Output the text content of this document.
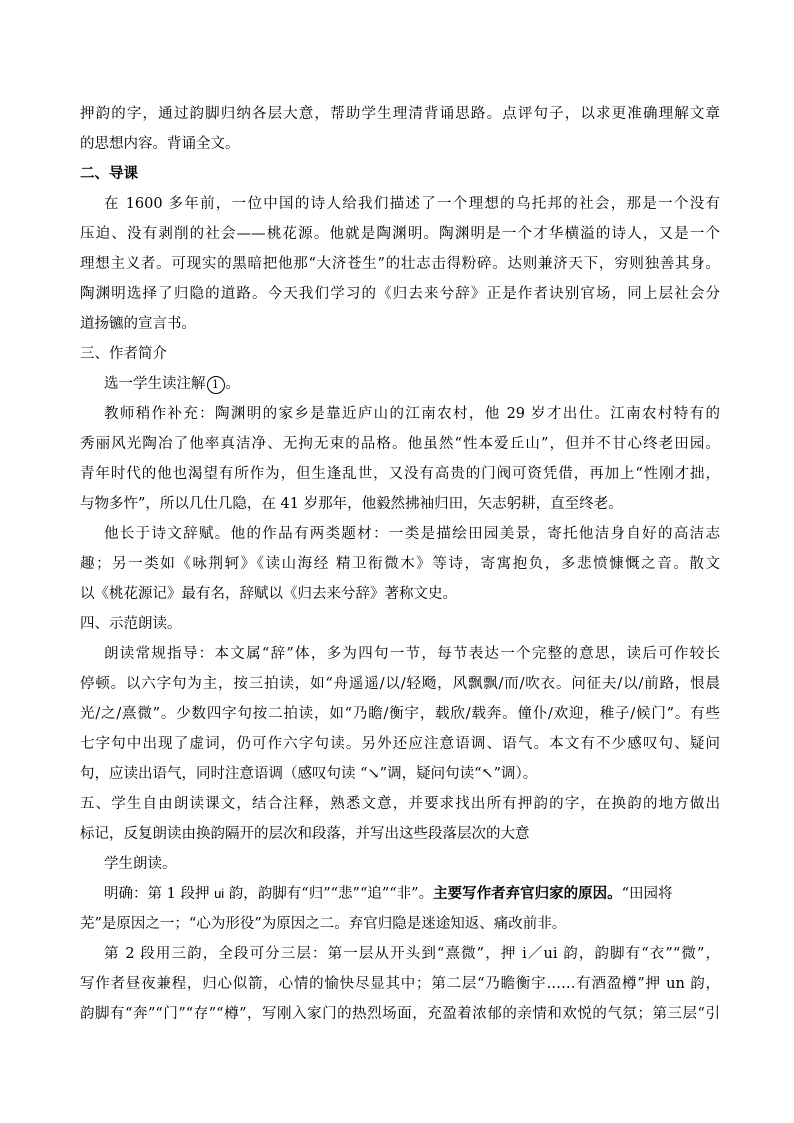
押韵的字，通过韵脚归纳各层大意，帮助学生理清背诵思路。点评句子，以求更准确理解文章
的思想内容。背诵全文。
二、导课
在 1600 多年前，一位中国的诗人给我们描述了一个理想的乌托邦的社会，那是一个没有
压迫、没有剥削的社会——桃花源。他就是陶渊明。陶渊明是一个才华横溢的诗人，又是一个
理想主义者。可现实的黑暗把他那“大济苍生”的壮志击得粉碎。达则兼济天下，穷则独善其身。
陶渊明选择了归隐的道路。今天我们学习的《归去来兮辞》正是作者诀别官场，同上层社会分
道扬镳的宣言书。
三、作者简介
选一学生读注解 1 。
教师稍作补充：陶渊明的家乡是靠近庐山的江南农村，他 29 岁才出仕。江南农村特有的
秀丽风光陶冶了他率真洁净、无拘无束的品格。他虽然“性本爱丘山”，但并不甘心终老田园。
青年时代的他也渴望有所作为，但生逢乱世，又没有高贵的门阀可资凭借，再加上“性刚才拙，
与物多忤”，所以几仕几隐，在 41 岁那年，他毅然拂袖归田，矢志躬耕，直至终老。
他长于诗文辞赋。他的作品有两类题材：一类是描绘田园美景，寄托他洁身自好的高洁志
趣；另一类如《咏荆轲》《读山海经 精卫衔微木》等诗，寄寓抱负，多悲愤慷慨之音。散文
以《桃花源记》最有名，辞赋以《归去来兮辞》著称文史。
四、示范朗读。
朗读常规指导：本文属“辞”体，多为四句一节，每节表达一个完整的意思，读后可作较长
停顿。以六字句为主，按三拍读，如“舟遥遥/以/轻飏，风飘飘/而/吹衣。问征夫/以/前路，恨晨
光/之/熹微”。少数四字句按二拍读，如“乃瞻/衡宇，载欣/载奔。僮仆/欢迎，稚子/候门”。有些
七字句中出现了虚词，仍可作六字句读。另外还应注意语调、语气。本文有不少感叹句、疑问
句，应读出语气，同时注意语调（感叹句读 “↘”调，疑问句读“↖”调）。
五、学生自由朗读课文，结合注释，熟悉文意，并要求找出所有押韵的字，在换韵的地方做出
标记，反复朗读由换韵隔开的层次和段落，并写出这些段落层次的大意
学生朗读。
明确：第 1 段押 ui 韵，韵脚有“归”“悲”“追”“非”。主要写作者弃官归家的原因。“田园将
芜”是原因之一；“心为形役”为原因之二。弃官归隐是迷途知返、痛改前非。
第 2 段用三韵，全段可分三层：第一层从开头到“熹微”，押 i／ui 韵，韵脚有“衣”“微”，
写作者昼夜兼程，归心似箭，心情的愉快尽显其中；第二层“乃瞻衡宇……有酒盈樽”押 un 韵，
韵脚有“奔”“门”“存”“樽”，写刚入家门的热烈场面，充盈着浓郁的亲情和欢悦的气氛；第三层“引
